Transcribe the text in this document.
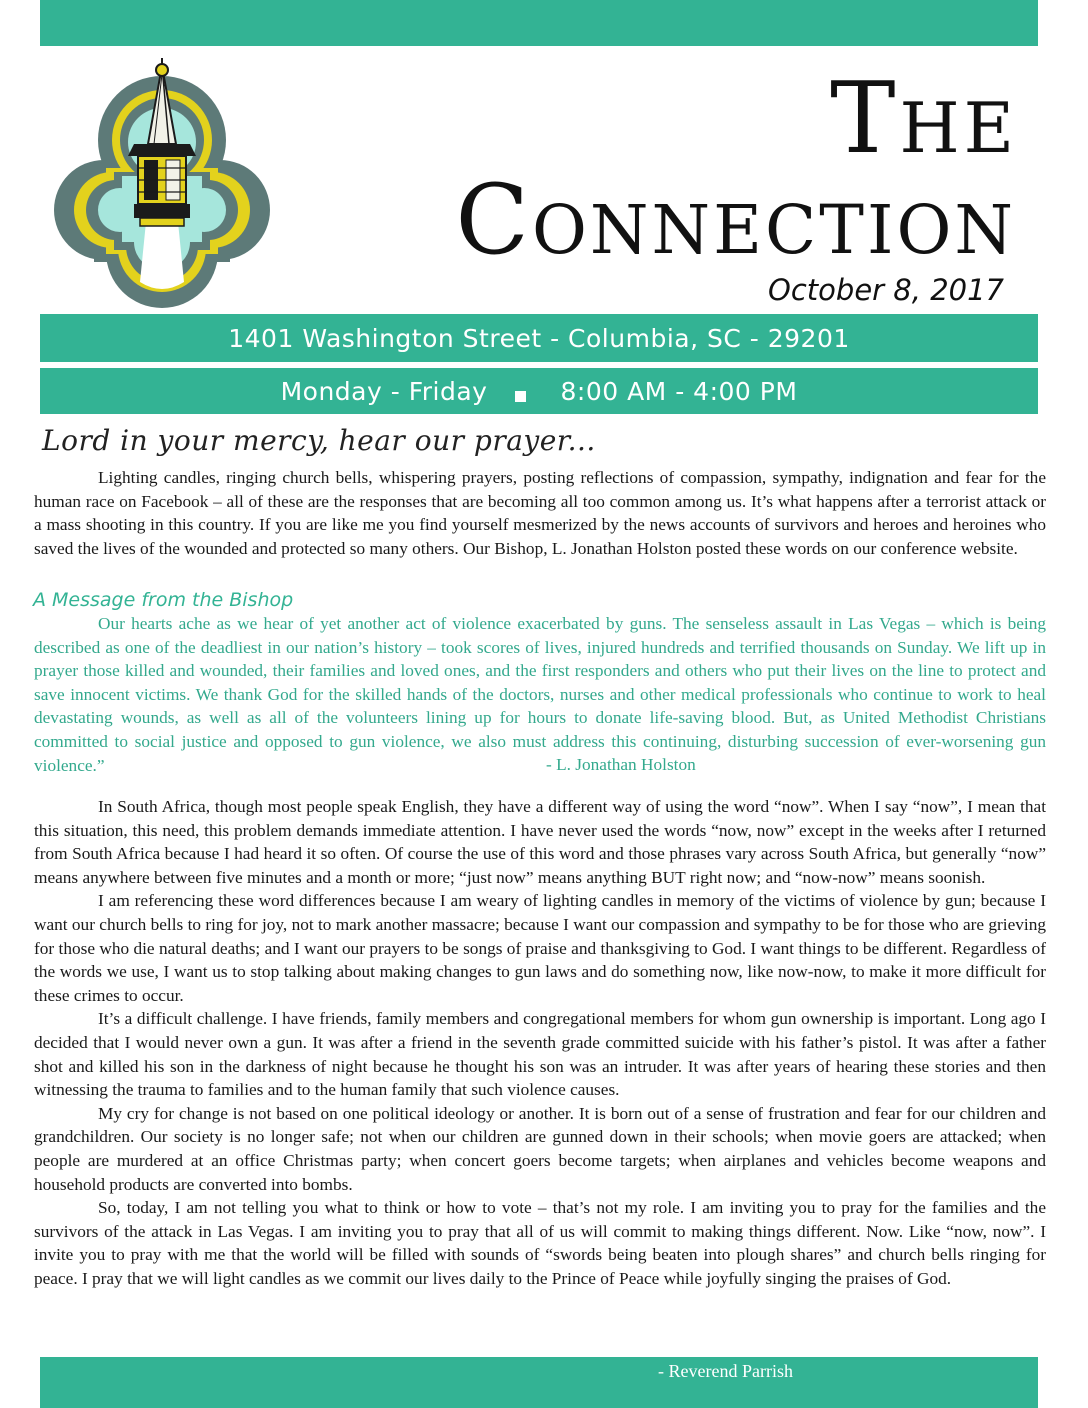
The
Connection
October 8, 2017
1401 Washington Street - Columbia, SC - 29201
Monday - Friday	8:00 AM - 4:00 PM
Lord in your mercy, hear our prayer...

Lighting candles, ringing church bells, whispering prayers, posting reflections of compassion, sympathy, indignation and fear for the human race on Facebook – all of these are the responses that are becoming all too common among us. It’s what happens after a terrorist attack or a mass shooting in this country. If you are like me you find yourself mesmerized by the news accounts of survivors and heroes and heroines who saved the lives of the wounded and protected so many others. Our Bishop, L. Jonathan Holston posted these words on our conference website.

A Message from the Bishop

Our hearts ache as we hear of yet another act of violence exacerbated by guns. The senseless assault in Las Vegas – which is being described as one of the deadliest in our nation’s history – took scores of lives, injured hundreds and terrified thousands on Sunday. We lift up in prayer those killed and wounded, their families and loved ones, and the first responders and others who put their lives on the line to protect and save innocent victims. We thank God for the skilled hands of the doctors, nurses and other medical professionals who continue to work to heal devastating wounds, as well as all of the volunteers lining up for hours to donate life-saving blood. But, as United Methodist Christians committed to social justice and opposed to gun violence, we also must address this continuing, disturbing succession of ever-worsening gun violence.”	- L. Jonathan Holston

In South Africa, though most people speak English, they have a different way of using the word “now”. When I say “now”, I mean that this situation, this need, this problem demands immediate attention. I have never used the words “now, now” except in the weeks after I returned from South Africa because I had heard it so often. Of course the use of this word and those phrases vary across South Africa, but generally “now” means anywhere between five minutes and a month or more; “just now” means anything BUT right now; and “now-now” means soonish.

I am referencing these word differences because I am weary of lighting candles in memory of the victims of violence by gun; because I want our church bells to ring for joy, not to mark another massacre; because I want our compassion and sympathy to be for those who are grieving for those who die natural deaths; and I want our prayers to be songs of praise and thanksgiving to God. I want things to be different. Regardless of the words we use, I want us to stop talking about making changes to gun laws and do something now, like now-now, to make it more difficult for these crimes to occur.

It’s a difficult challenge. I have friends, family members and congregational members for whom gun ownership is important. Long ago I decided that I would never own a gun. It was after a friend in the seventh grade committed suicide with his father’s pistol. It was after a father shot and killed his son in the darkness of night because he thought his son was an intruder. It was after years of hearing these stories and then witnessing the trauma to families and to the human family that such violence causes.

My cry for change is not based on one political ideology or another. It is born out of a sense of frustration and fear for our children and grandchildren. Our society is no longer safe; not when our children are gunned down in their schools; when movie goers are attacked; when people are murdered at an office Christmas party; when concert goers become targets; when airplanes and vehicles become weapons and household products are converted into bombs.

So, today, I am not telling you what to think or how to vote – that’s not my role. I am inviting you to pray for the families and the survivors of the attack in Las Vegas. I am inviting you to pray that all of us will commit to making things different. Now. Like “now, now”. I invite you to pray with me that the world will be filled with sounds of “swords being beaten into plough shares” and church bells ringing for peace. I pray that we will light candles as we commit our lives daily to the Prince of Peace while joyfully singing the praises of God.

- Reverend Parrish
